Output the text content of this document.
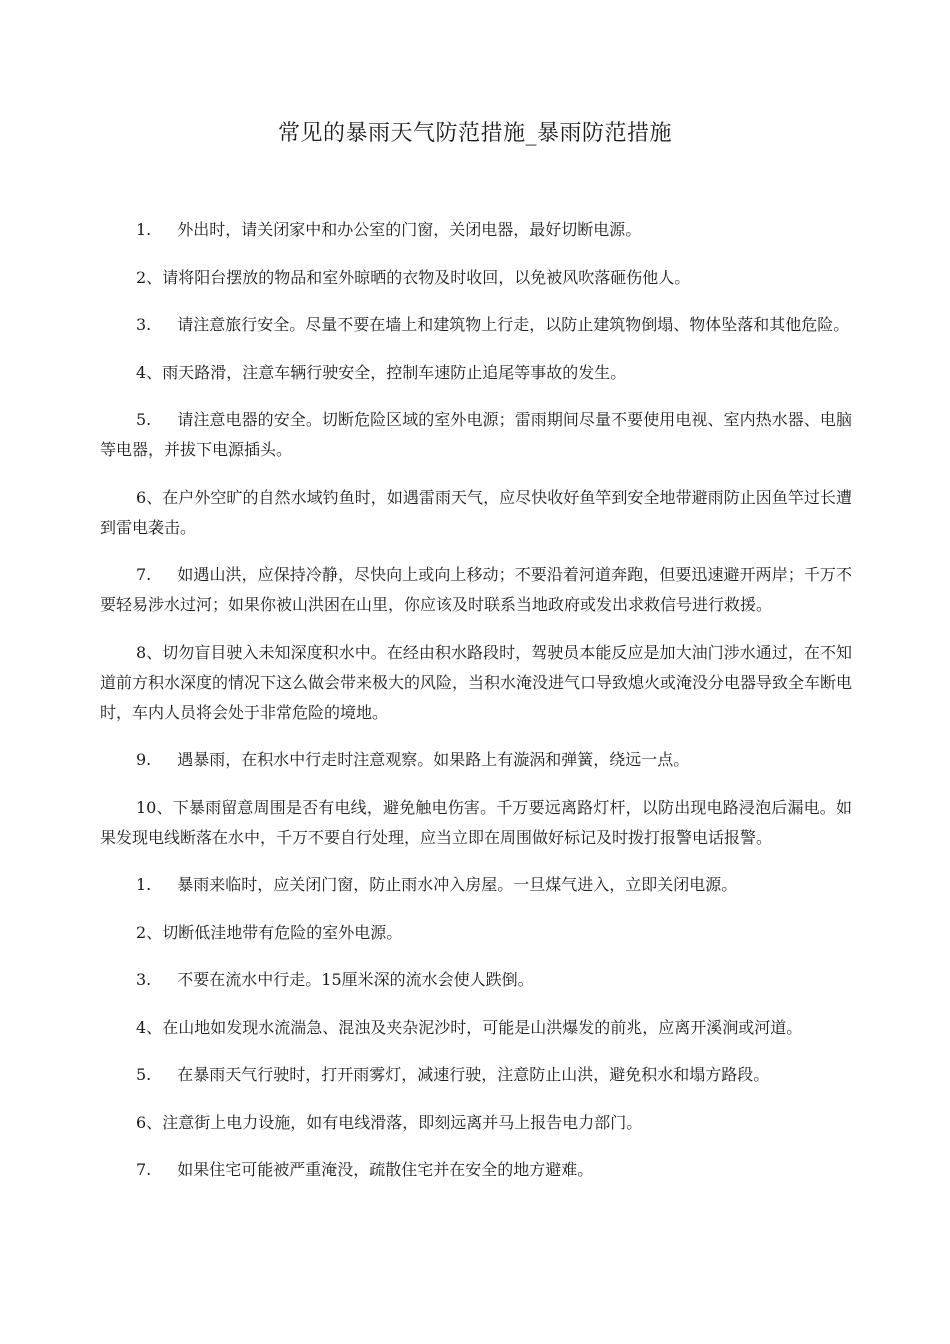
常见的暴雨天气防范措施_暴雨防范措施

1. 外出时，请关闭家中和办公室的门窗，关闭电器，最好切断电源。

2、请将阳台摆放的物品和室外晾晒的衣物及时收回，以免被风吹落砸伤他人。

3. 请注意旅行安全。尽量不要在墙上和建筑物上行走，以防止建筑物倒塌、物体坠落和其他危险。

4、雨天路滑，注意车辆行驶安全，控制车速防止追尾等事故的发生。

5. 请注意电器的安全。切断危险区域的室外电源；雷雨期间尽量不要使用电视、室内热水器、电脑等电器，并拔下电源插头。

6、在户外空旷的自然水域钓鱼时，如遇雷雨天气，应尽快收好鱼竿到安全地带避雨防止因鱼竿过长遭到雷电袭击。

7. 如遇山洪，应保持冷静，尽快向上或向上移动；不要沿着河道奔跑，但要迅速避开两岸；千万不要轻易涉水过河；如果你被山洪困在山里，你应该及时联系当地政府或发出求救信号进行救援。

8、切勿盲目驶入未知深度积水中。在经由积水路段时，驾驶员本能反应是加大油门涉水通过，在不知道前方积水深度的情况下这么做会带来极大的风险，当积水淹没进气口导致熄火或淹没分电器导致全车断电时，车内人员将会处于非常危险的境地。

9. 遇暴雨，在积水中行走时注意观察。如果路上有漩涡和弹簧，绕远一点。

10、下暴雨留意周围是否有电线，避免触电伤害。千万要远离路灯杆，以防出现电路浸泡后漏电。如果发现电线断落在水中，千万不要自行处理，应当立即在周围做好标记及时拨打报警电话报警。

1. 暴雨来临时，应关闭门窗，防止雨水冲入房屋。一旦煤气进入，立即关闭电源。

2、切断低洼地带有危险的室外电源。

3. 不要在流水中行走。15厘米深的流水会使人跌倒。

4、在山地如发现水流湍急、混浊及夹杂泥沙时，可能是山洪爆发的前兆，应离开溪涧或河道。

5. 在暴雨天气行驶时，打开雨雾灯，减速行驶，注意防止山洪，避免积水和塌方路段。

6、注意街上电力设施，如有电线滑落，即刻远离并马上报告电力部门。

7. 如果住宅可能被严重淹没，疏散住宅并在安全的地方避难。
